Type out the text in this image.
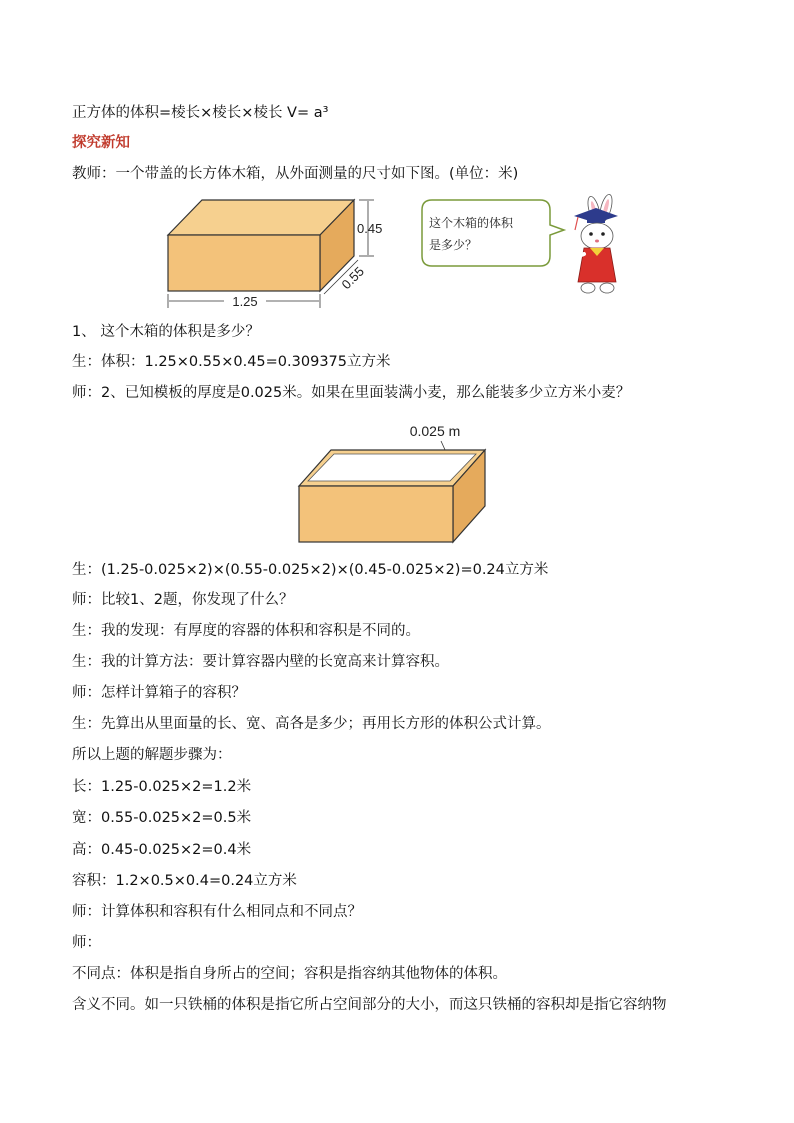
正方体的体积=棱长×棱长×棱长 V= a³
探究新知
教师：一个带盖的长方体木箱，从外面测量的尺寸如下图。(单位：米)
0.45
0.55
1.25
这个木箱的体积
是多少？
1、 这个木箱的体积是多少？
生：体积：1.25×0.55×0.45=0.309375立方米
师：2、已知模板的厚度是0.025米。如果在里面装满小麦，那么能装多少立方米小麦？
0.025 m
生：(1.25-0.025×2)×(0.55-0.025×2)×(0.45-0.025×2)=0.24立方米
师：比较1、2题，你发现了什么？
生：我的发现：有厚度的容器的体积和容积是不同的。
生：我的计算方法：要计算容器内壁的长宽高来计算容积。
师：怎样计算箱子的容积？
生：先算出从里面量的长、宽、高各是多少；再用长方形的体积公式计算。
所以上题的解题步骤为：
长：1.25-0.025×2=1.2米
宽：0.55-0.025×2=0.5米
高：0.45-0.025×2=0.4米
容积：1.2×0.5×0.4=0.24立方米
师：计算体积和容积有什么相同点和不同点？
师：
不同点：体积是指自身所占的空间；容积是指容纳其他物体的体积。
含义不同。如一只铁桶的体积是指它所占空间部分的大小，而这只铁桶的容积却是指它容纳物
